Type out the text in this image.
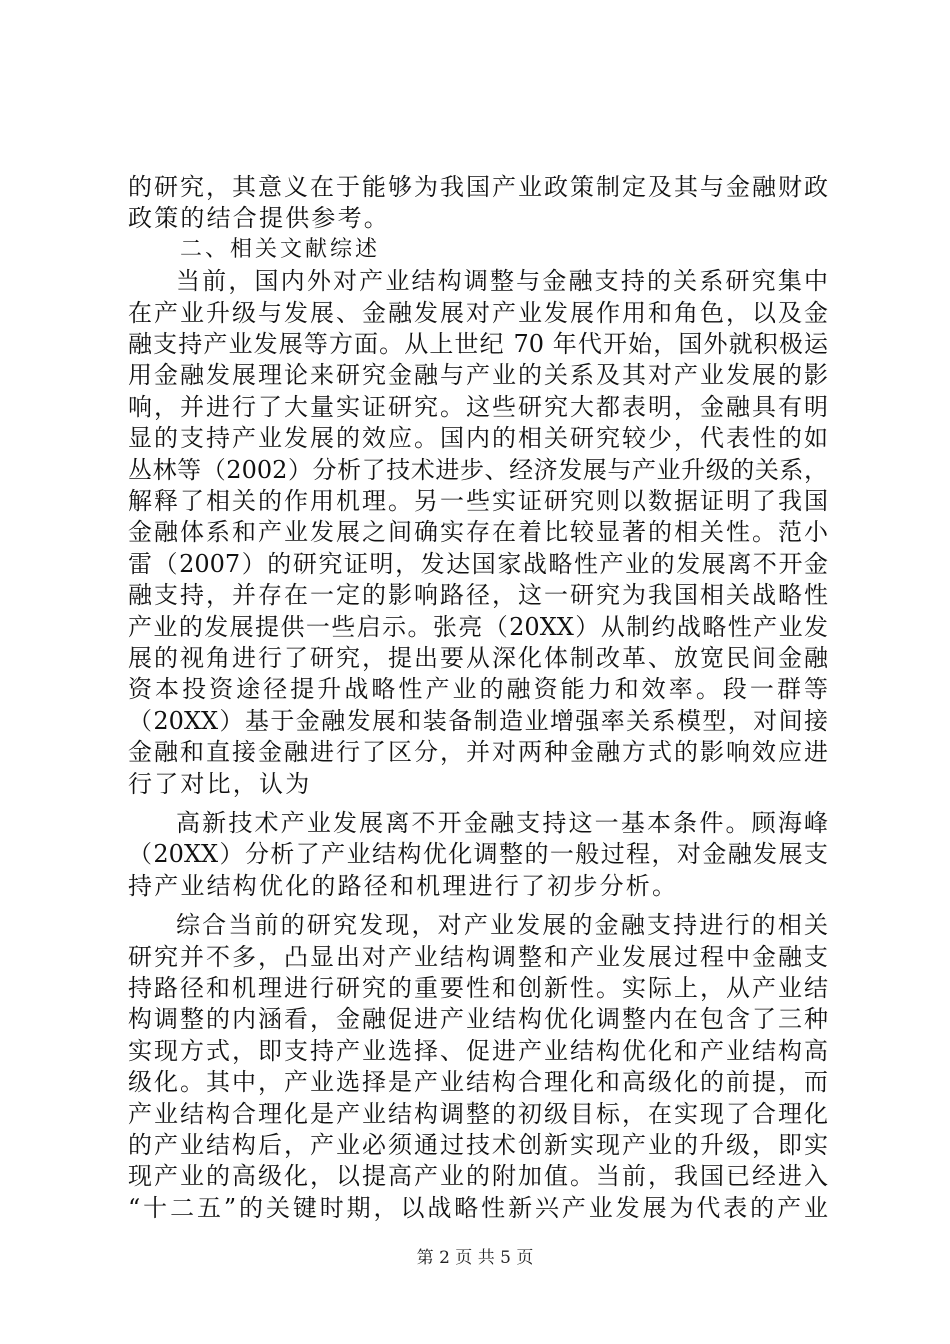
第 2 页 共 5 页
的研究，其意义在于能够为我国产业政策制定及其与金融财政
政策的结合提供参考。
二、相关文献综述
当前，国内外对产业结构调整与金融支持的关系研究集中
在产业升级与发展、金融发展对产业发展作用和角色，以及金
融支持产业发展等方面。从上世纪 70 年代开始，国外就积极运
用金融发展理论来研究金融与产业的关系及其对产业发展的影
响，并进行了大量实证研究。这些研究大都表明，金融具有明
显的支持产业发展的效应。国内的相关研究较少，代表性的如
丛林等（2002）分析了技术进步、经济发展与产业升级的关系，
解释了相关的作用机理。另一些实证研究则以数据证明了我国
金融体系和产业发展之间确实存在着比较显著的相关性。范小
雷（2007）的研究证明，发达国家战略性产业的发展离不开金
融支持，并存在一定的影响路径，这一研究为我国相关战略性
产业的发展提供一些启示。张亮（20XX）从制约战略性产业发
展的视角进行了研究，提出要从深化体制改革、放宽民间金融
资本投资途径提升战略性产业的融资能力和效率。段一群等
（20XX）基于金融发展和装备制造业增强率关系模型，对间接
金融和直接金融进行了区分，并对两种金融方式的影响效应进
行了对比，认为
高新技术产业发展离不开金融支持这一基本条件。顾海峰
（20XX）分析了产业结构优化调整的一般过程，对金融发展支
持产业结构优化的路径和机理进行了初步分析。
综合当前的研究发现，对产业发展的金融支持进行的相关
研究并不多，凸显出对产业结构调整和产业发展过程中金融支
持路径和机理进行研究的重要性和创新性。实际上，从产业结
构调整的内涵看，金融促进产业结构优化调整内在包含了三种
实现方式，即支持产业选择、促进产业结构优化和产业结构高
级化。其中，产业选择是产业结构合理化和高级化的前提，而
产业结构合理化是产业结构调整的初级目标，在实现了合理化
的产业结构后，产业必须通过技术创新实现产业的升级，即实
现产业的高级化，以提高产业的附加值。当前，我国已经进入
“十二五”的关键时期，以战略性新兴产业发展为代表的产业
